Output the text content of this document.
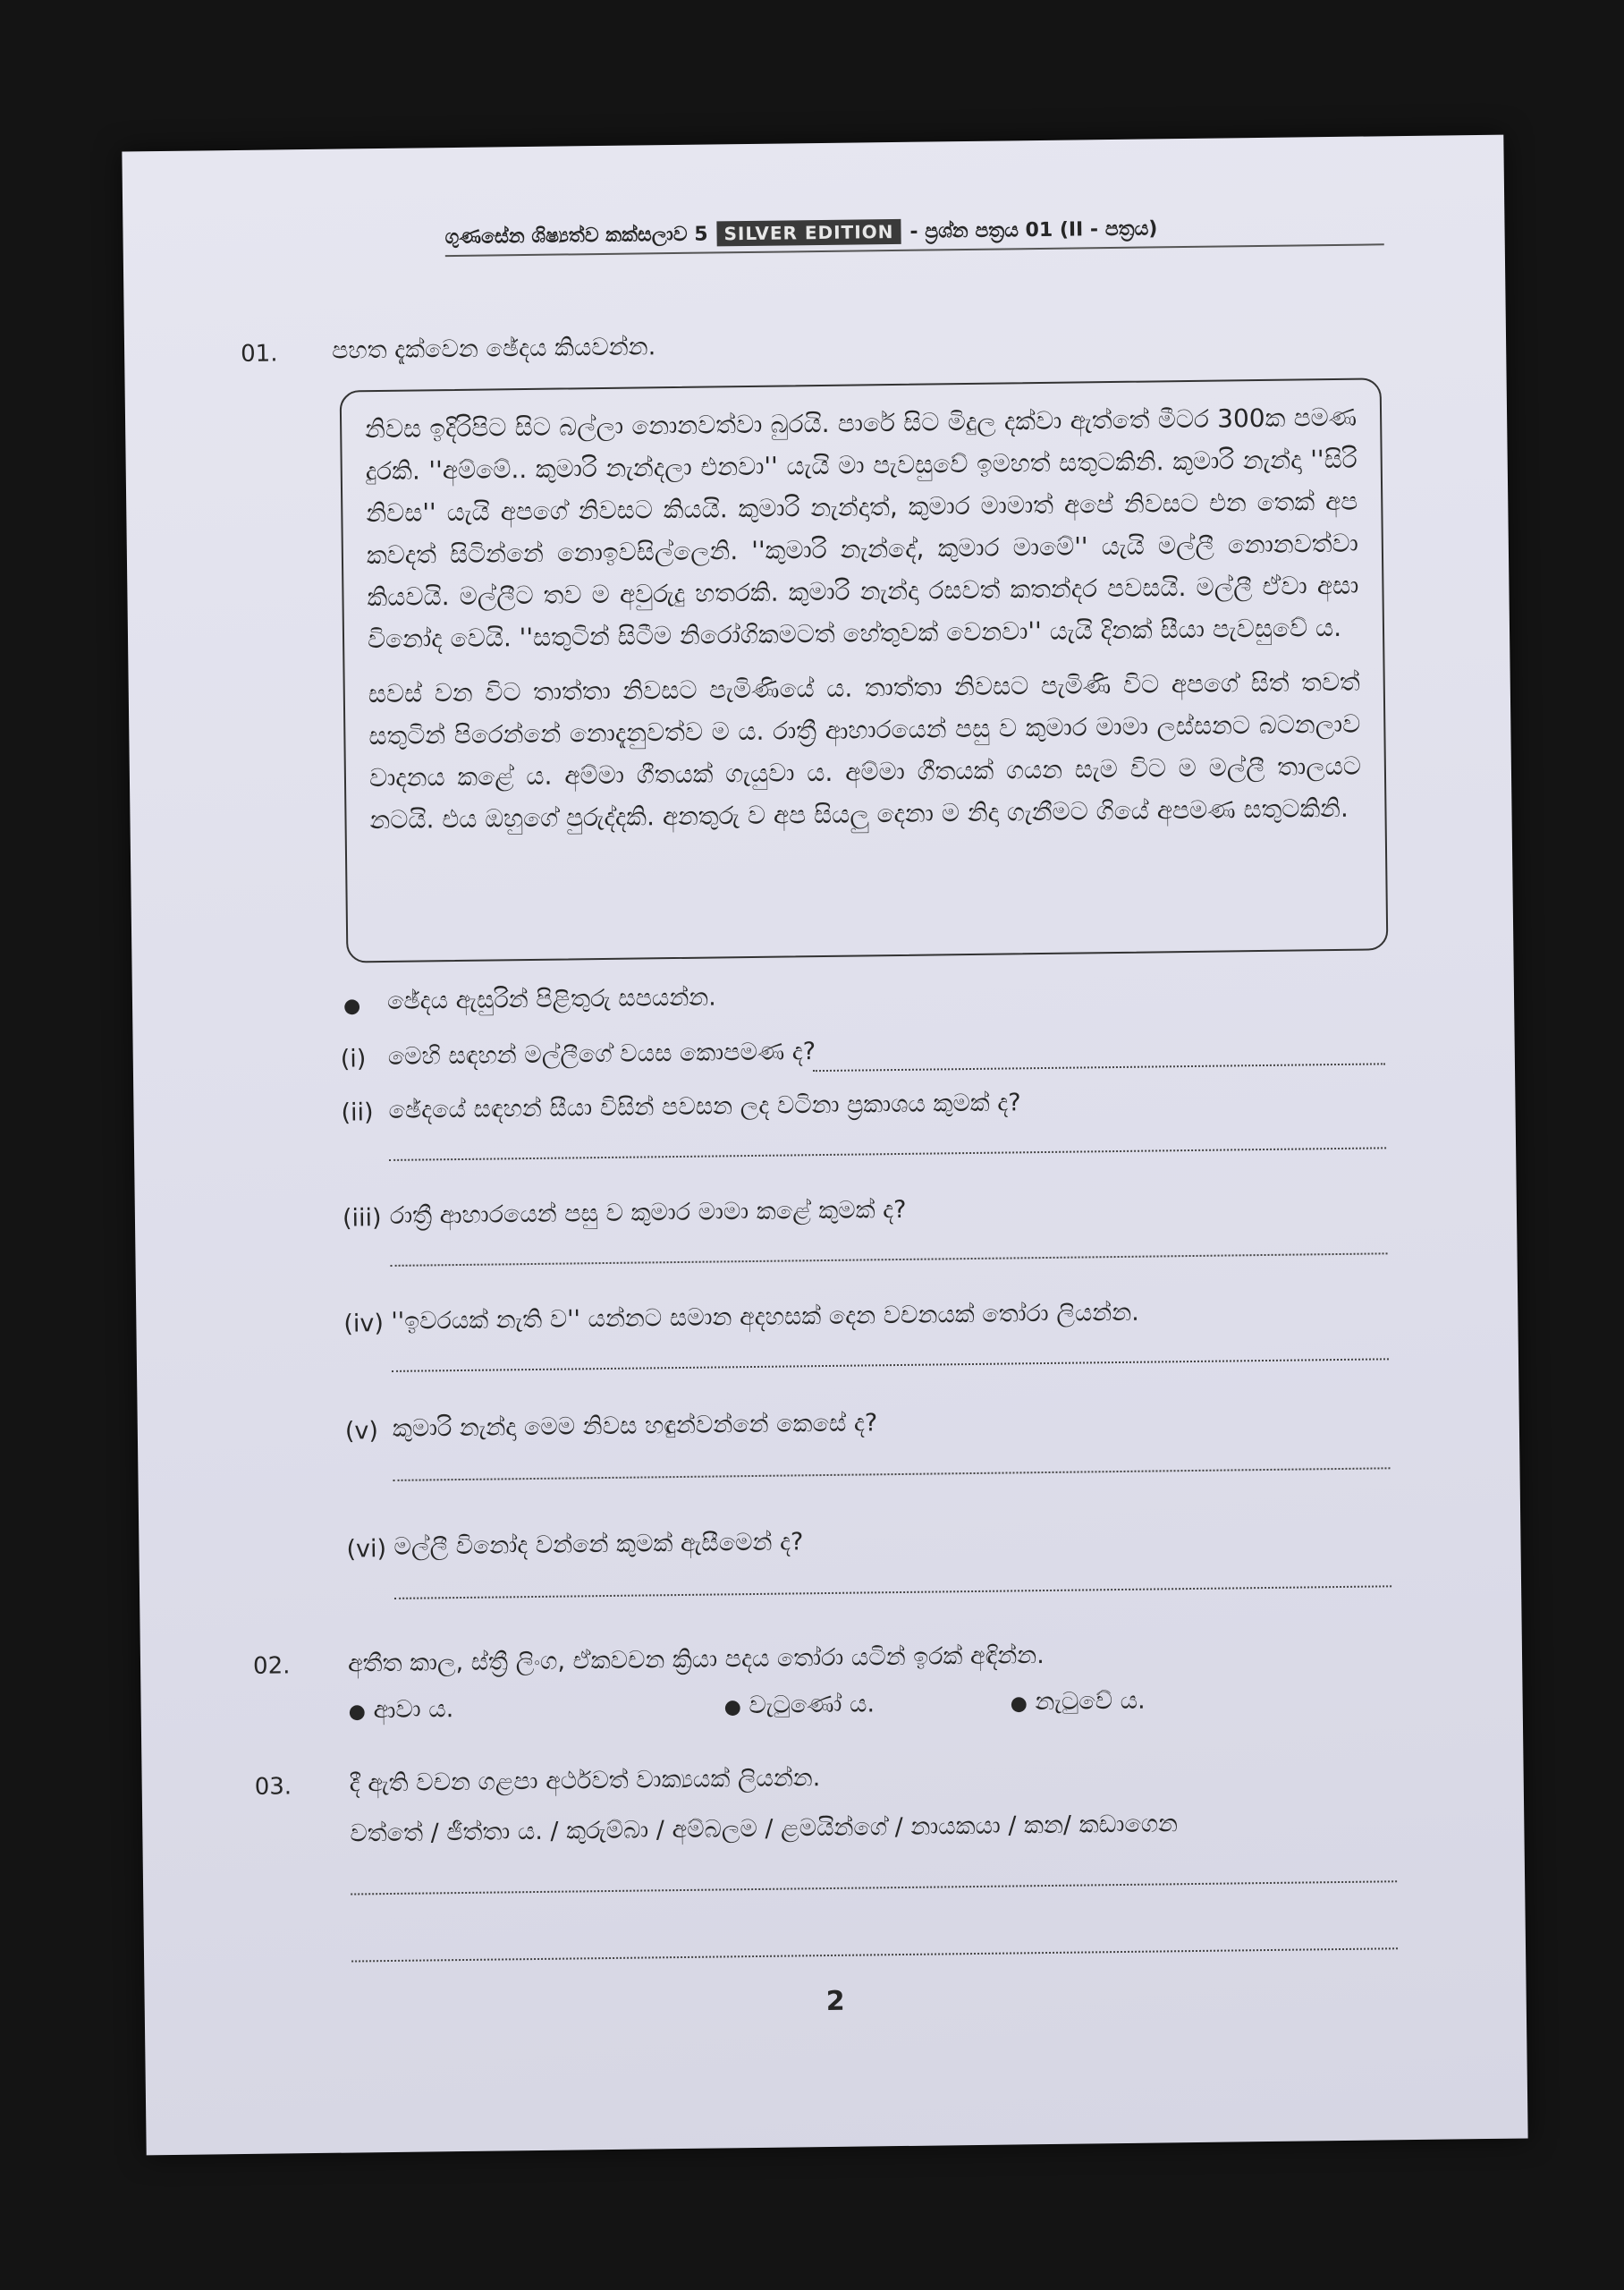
ගුණසේන ශිෂ්‍යත්ව කක්සලාව 5 SILVER EDITION - ප්‍රශ්න පත්‍රය 01 (II - පත්‍රය)
01. පහත දැක්වෙන ඡේදය කියවන්න.

නිවස ඉදිරිපිට සිට බල්ලා නොනවත්වා බුරයි. පාරේ සිට මිදුල දක්වා ඇත්තේ මීටර 300ක පමණ දුරකි. ''අම්මේ.. කුමාරි නැන්දලා එනවා'' යැයි මා පැවසුවේ ඉමහත් සතුටකිනි. කුමාරි නැන්දා ''සිරි නිවස'' යැයි අපගේ නිවසට කියයි. කුමාරි නැන්දාත්, කුමාර මාමාත් අපේ නිවසට එන තෙක් අප කවදත් සිටින්නේ නොඉවසිල්ලෙනි. ''කුමාරි නැන්දේ, කුමාර මාමේ'' යැයි මල්ලී නොනවත්වා කියවයි. මල්ලීට තව ම අවුරුදු හතරකි. කුමාරි නැන්දා රසවත් කතන්දර පවසයි. මල්ලී ඒවා අසා විනෝද වෙයි. ''සතුටින් සිටීම නිරෝගිකමටත් හේතුවක් වෙනවා'' යැයි දිනක් සීයා පැවසුවේ ය.

සවස් වන විට තාත්තා නිවසට පැමිණියේ ය. තාත්තා නිවසට පැමිණි විට අපගේ සිත් තවත් සතුටින් පිරෙන්නේ නොදැනුවත්ව ම ය. රාත්‍රී ආහාරයෙන් පසු ව කුමාර මාමා ලස්සනට බටනලාව වාදනය කළේ ය. අම්මා ගීතයක් ගැයුවා ය. අම්මා ගීතයක් ගයන සැම විට ම මල්ලී තාලයට නටයි. එය ඔහුගේ පුරුද්දකි. අනතුරු ව අප සියලු දෙනා ම නිදා ගැනීමට ගියේ අපමණ සතුටකිනි.

● ඡේදය ඇසුරින් පිළිතුරු සපයන්න.
(i) මෙහි සඳහන් මල්ලීගේ වයස කොපමණ ද?
(ii) ඡේදයේ සඳහන් සීයා විසින් පවසන ලද වටිනා ප්‍රකාශය කුමක් ද?
(iii) රාත්‍රී ආහාරයෙන් පසු ව කුමාර මාමා කළේ කුමක් ද?
(iv) ''ඉවරයක් නැති ව'' යන්නට සමාන අදහසක් දෙන වචනයක් තෝරා ලියන්න.
(v) කුමාරි නැන්දා මෙම නිවස හඳුන්වන්නේ කෙසේ ද?
(vi) මල්ලී විනෝද වන්නේ කුමක් ඇසීමෙන් ද?
02. අතීත කාල, ස්ත්‍රී ලිංග, ඒකවචන ක්‍රියා පදය තෝරා යටින් ඉරක් අඳින්න.
● ආවා ය.	● වැටුණෝ ය.	● නැටුවේ ය.
03. දී ඇති වචන ගළපා අර්ථවත් වාක්‍යයක් ලියන්න.
වත්තේ / ජීත්තා ය. / කුරුම්බා / අම්බලම / ළමයින්ගේ / නායකයා / කන/ කඩාගෙන
2
